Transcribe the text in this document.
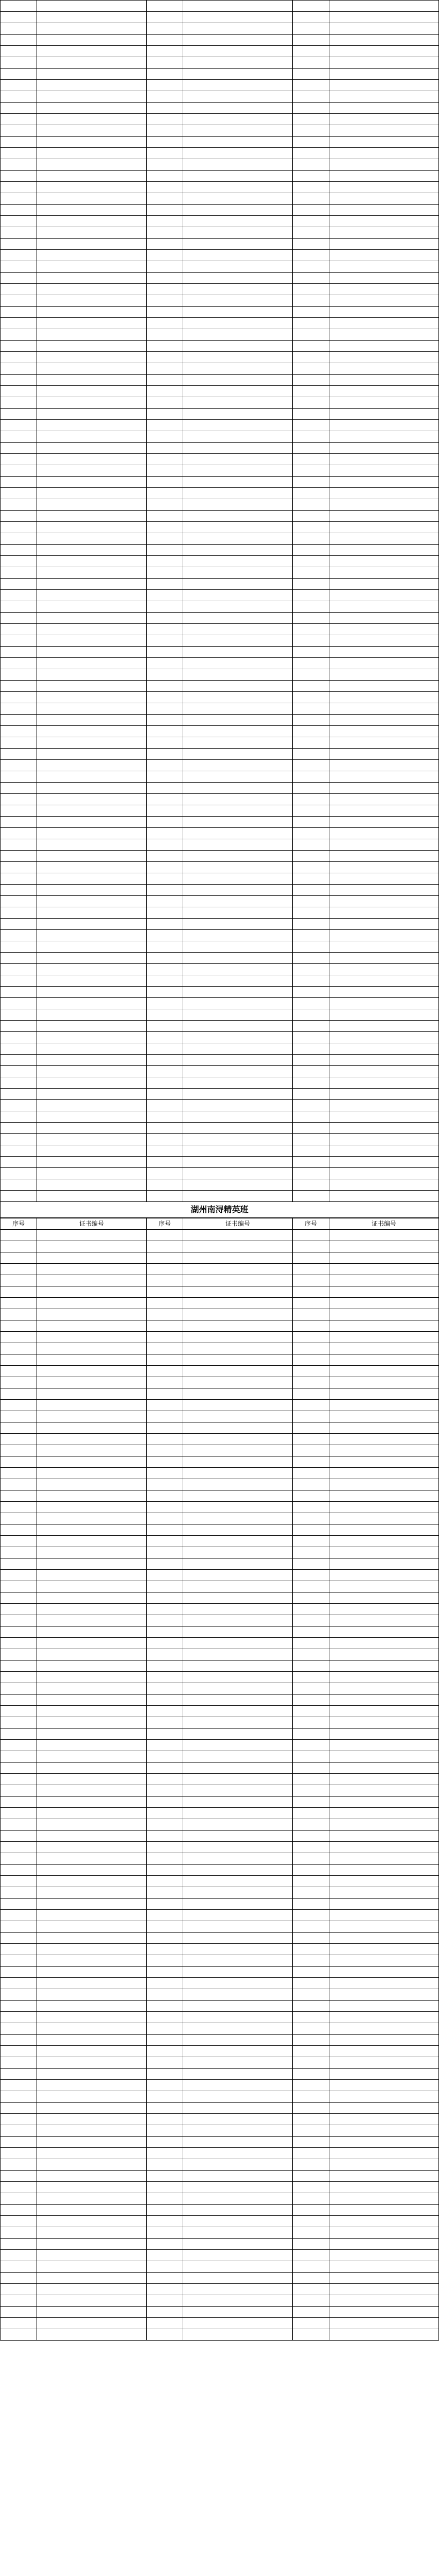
湖州南浔精英班
序号	证书编号	序号	证书编号	序号	证书编号
